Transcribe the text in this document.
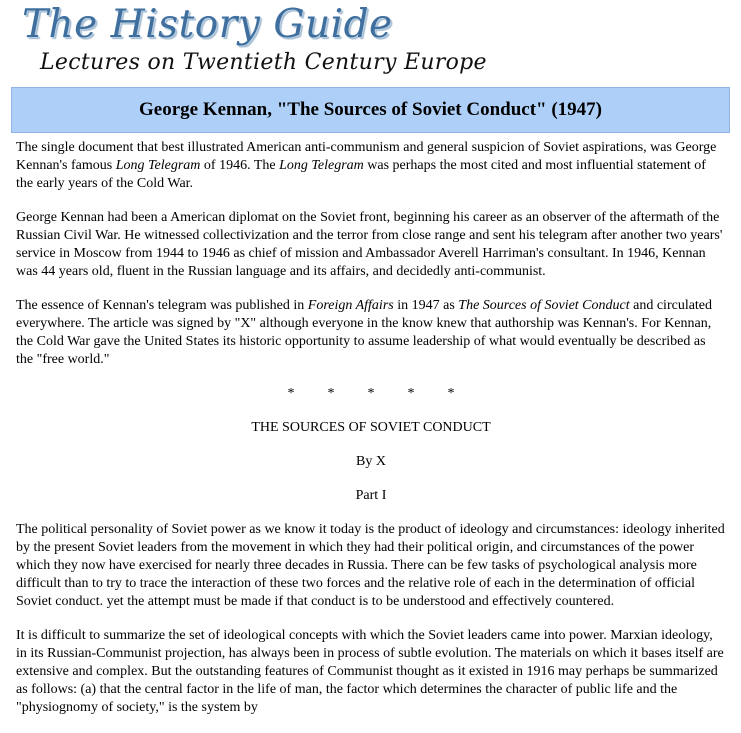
The History Guide
Lectures on Twentieth Century Europe
George Kennan, "The Sources of Soviet Conduct" (1947)

The single document that best illustrated American anti-communism and general suspicion of Soviet aspirations, was George Kennan's famous Long Telegram of 1946. The Long Telegram was perhaps the most cited and most influential statement of the early years of the Cold War.

George Kennan had been a American diplomat on the Soviet front, beginning his career as an observer of the aftermath of the Russian Civil War. He witnessed collectivization and the terror from close range and sent his telegram after another two years' service in Moscow from 1944 to 1946 as chief of mission and Ambassador Averell Harriman's consultant. In 1946, Kennan was 44 years old, fluent in the Russian language and its affairs, and decidedly anti-communist.

The essence of Kennan's telegram was published in Foreign Affairs in 1947 as The Sources of Soviet Conduct and circulated everywhere. The article was signed by "X" although everyone in the know knew that authorship was Kennan's. For Kennan, the Cold War gave the United States its historic opportunity to assume leadership of what would eventually be described as the "free world."

* * * * *

THE SOURCES OF SOVIET CONDUCT

By X

Part I

The political personality of Soviet power as we know it today is the product of ideology and circumstances: ideology inherited by the present Soviet leaders from the movement in which they had their political origin, and circumstances of the power which they now have exercised for nearly three decades in Russia. There can be few tasks of psychological analysis more difficult than to try to trace the interaction of these two forces and the relative role of each in the determination of official Soviet conduct. yet the attempt must be made if that conduct is to be understood and effectively countered.

It is difficult to summarize the set of ideological concepts with which the Soviet leaders came into power. Marxian ideology, in its Russian-Communist projection, has always been in process of subtle evolution. The materials on which it bases itself are extensive and complex. But the outstanding features of Communist thought as it existed in 1916 may perhaps be summarized as follows: (a) that the central factor in the life of man, the factor which determines the character of public life and the "physiognomy of society," is the system by
